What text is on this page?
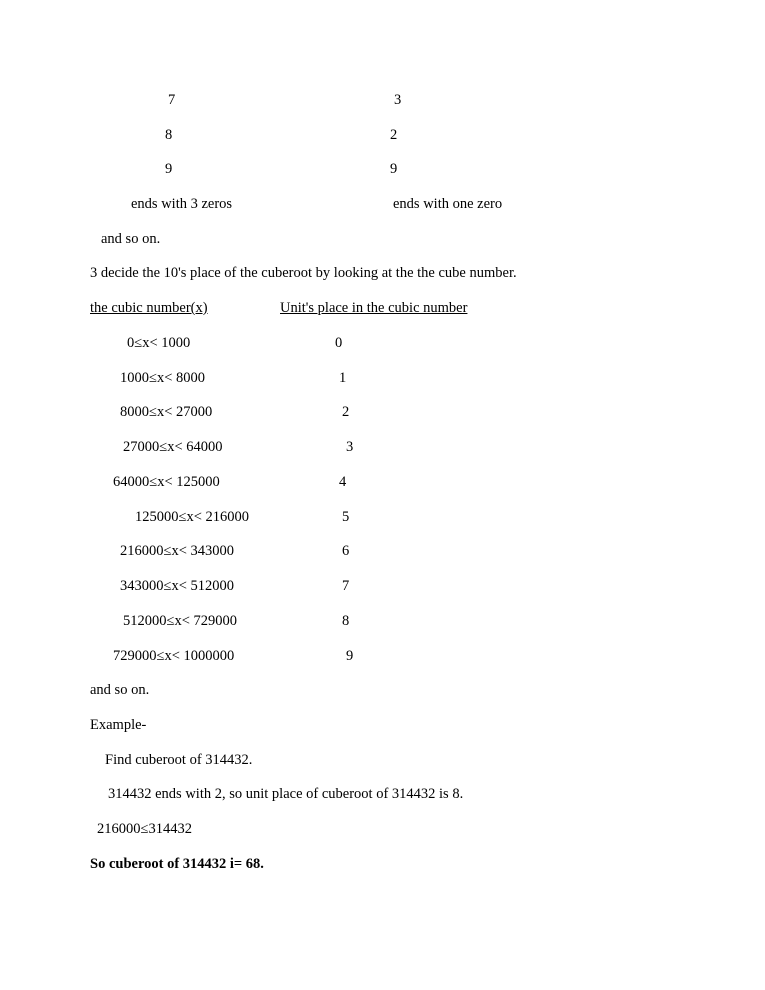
7	3
8	2
9	9
ends with 3 zeros	ends with one zero
and so on.
3 decide the 10's place of the cuberoot by looking at the the cube number.
the cubic number(x)	Unit's place in the cubic number
0≤x< 1000	0
1000≤x< 8000	1
8000≤x< 27000	2
27000≤x< 64000	3
64000≤x< 125000	4
125000≤x< 216000	5
216000≤x< 343000	6
343000≤x< 512000	7
512000≤x< 729000	8
729000≤x< 1000000	9
and so on.
Example-
Find cuberoot of 314432.
314432 ends with 2, so unit place of cuberoot of 314432 is 8.
216000≤314432
So cuberoot of 314432 i= 68.
